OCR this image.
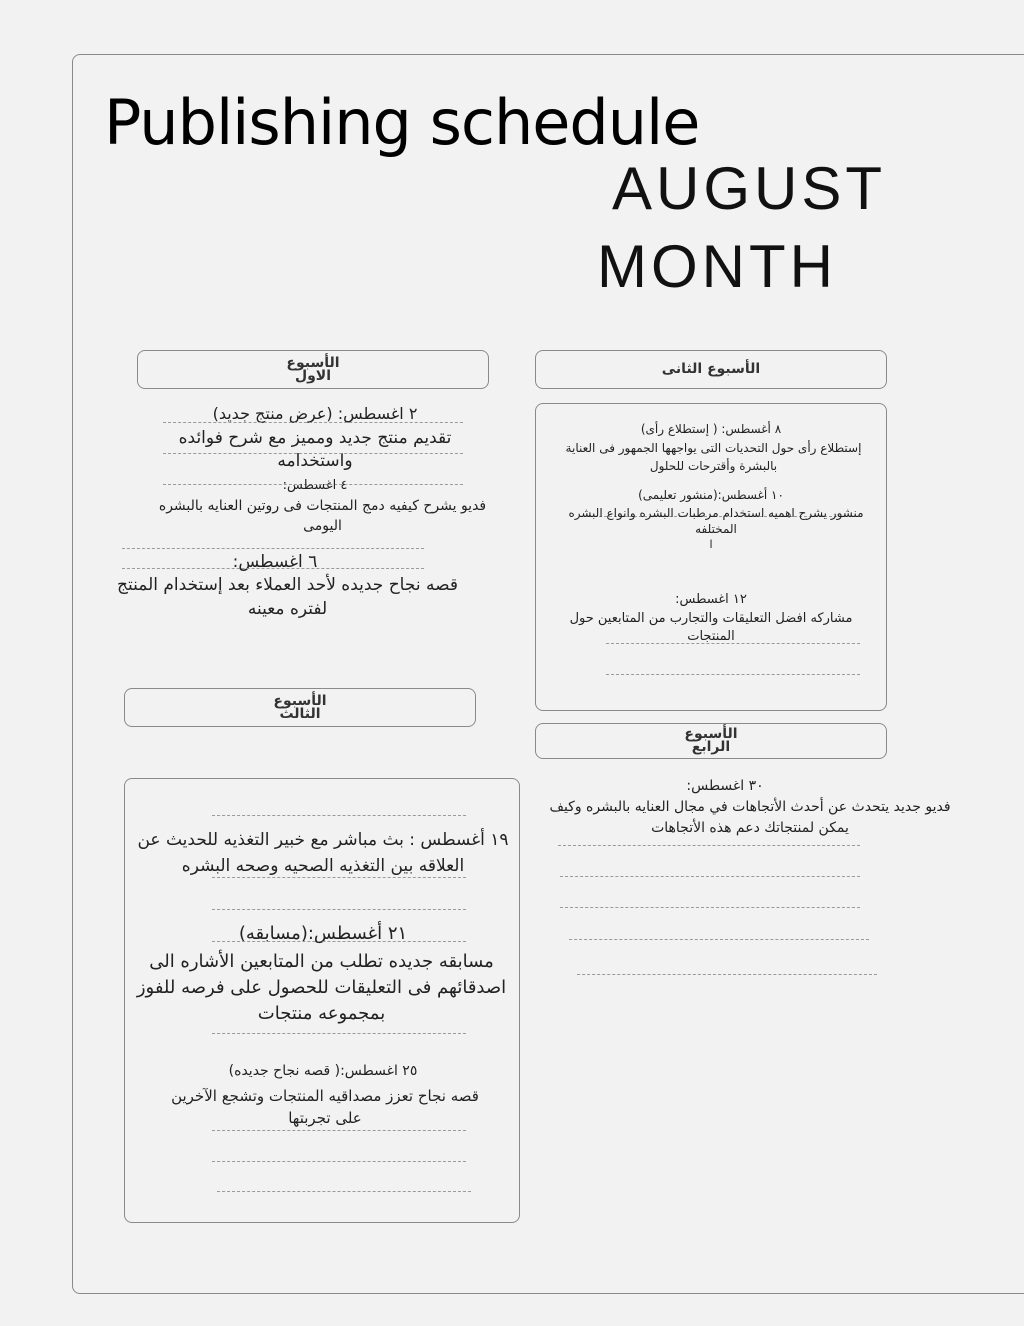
Publishing schedule
AUGUST
MONTH
الأسبوع الاول
٢ اغسطس: (عرض منتج جديد)
تقديم منتج جديد ومميز مع شرح فوائده واستخدامه
٤ اغسطس:
فديو يشرح كيفيه دمج المنتجات فى روتين العنايه بالبشره اليومى
٦ اغسطس:
قصه نجاح جديده لأحد العملاء بعد إستخدام المنتج لفتره معينه
الأسبوع الثانى
٨ أغسطس: ( إستطلاع رأى)
إستطلاع رأى حول التحديات التى يواجهها الجمهور فى العناية بالبشرة وأقترحات للحلول
١٠ أغسطس:(منشور تعليمى)
منشور يشرح اهميه استخدام مرطبات البشره وانواع البشره المختلفه
ا
١٢ اغسطس:
مشاركه افضل التعليقات والتجارب من المتابعين حول المنتجات
الأسبوع الثالث
١٩ أغسطس : بث مباشر مع خبير التغذيه للحديث عن العلاقه بين التغذيه الصحيه وصحه البشره
٢١ أغسطس:(مسابقه)
مسابقه جديده تطلب من المتابعين الأشاره الى اصدقائهم فى التعليقات للحصول على فرصه للفوز بمجموعه منتجات
٢٥ اغسطس:( قصه نجاح جديده)
قصه نجاح تعزز مصداقيه المنتجات وتشجع الآخرين على تجربتها
الأسبوع الرابع
٣٠ اغسطس:
فديو جديد يتحدث عن أحدث الأتجاهات في مجال العنايه بالبشره وكيف يمكن لمنتجاتك دعم هذه الأتجاهات
